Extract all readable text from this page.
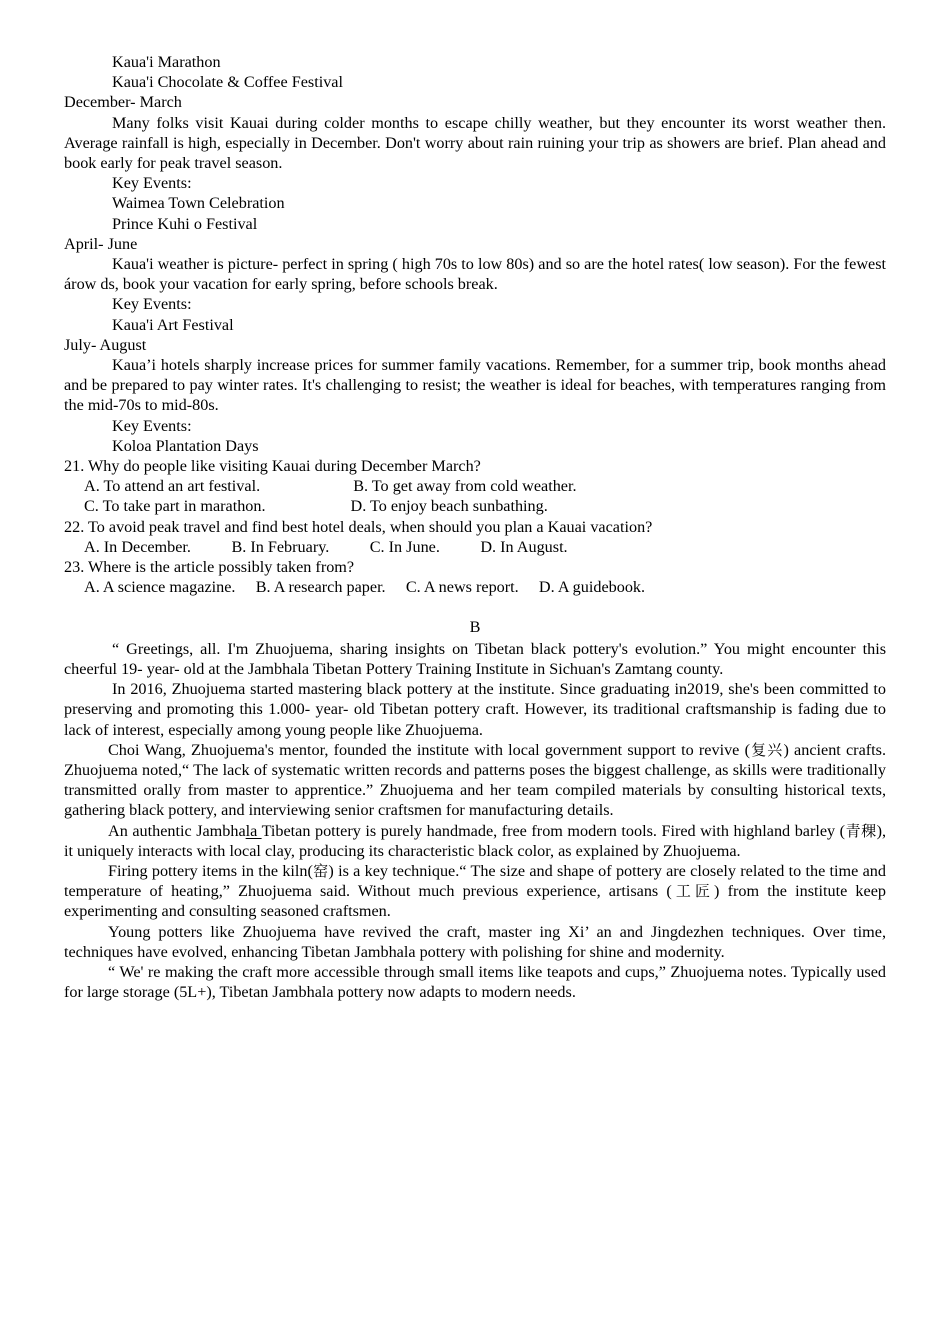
Kaua'i Marathon

Kaua'i Chocolate & Coffee Festival

December- March

Many folks visit Kauai during colder months to escape chilly weather, but they encounter its worst weather then. Average rainfall is high, especially in December. Don't worry about rain ruining your trip as showers are brief. Plan ahead and book early for peak travel season.

Key Events:

Waimea Town Celebration

Prince Kuhi o Festival

April- June

Kaua'i weather is picture- perfect in spring ( high 70s to low 80s) and so are the hotel rates( low season). For the fewest árow ds, book your vacation for early spring, before schools break.

Key Events:

Kaua'i Art Festival

July- August

Kaua’i hotels sharply increase prices for summer family vacations. Remember, for a summer trip, book months ahead and be prepared to pay winter rates. It's challenging to resist; the weather is ideal for beaches, with temperatures ranging from the mid-70s to mid-80s.

Key Events:

Koloa Plantation Days

21. Why do people like visiting Kauai during December March?

A. To attend an art festival.                       B. To get away from cold weather.

C. To take part in marathon.                     D. To enjoy beach sunbathing.

22. To avoid peak travel and find best hotel deals, when should you plan a Kauai vacation?

A. In December.          B. In February.          C. In June.          D. In August.

23. Where is the article possibly taken from?

A. A science magazine.     B. A research paper.     C. A news report.     D. A guidebook.

B

“ Greetings, all. I'm Zhuojuema, sharing insights on Tibetan black pottery's evolution.” You might encounter this cheerful 19- year- old at the Jambhala Tibetan Pottery Training Institute in Sichuan's Zamtang county.

In 2016, Zhuojuema started mastering black pottery at the institute. Since graduating in2019, she's been committed to preserving and promoting this 1.000- year- old Tibetan pottery craft. However, its traditional craftsmanship is fading due to lack of interest, especially among young people like Zhuojuema.

Choi Wang, Zhuojuema's mentor, founded the institute with local government support to revive (复兴) ancient crafts. Zhuojuema noted,“ The lack of systematic written records and patterns poses the biggest challenge, as skills were traditionally transmitted orally from master to apprentice.” Zhuojuema and her team compiled materials by consulting historical texts, gathering black pottery, and interviewing senior craftsmen for manufacturing details.

An authentic Jambhala Tibetan pottery is purely handmade, free from modern tools. Fired with highland barley (青稞), it uniquely interacts with local clay, producing its characteristic black color, as explained by Zhuojuema.

Firing pottery items in the kiln(窑) is a key technique.“ The size and shape of pottery are closely related to the time and temperature of heating,” Zhuojuema said. Without much previous experience, artisans (工匠) from the institute keep experimenting and consulting seasoned craftsmen.

Young potters like Zhuojuema have revived the craft, master ing Xi’ an and Jingdezhen techniques. Over time, techniques have evolved, enhancing Tibetan Jambhala pottery with polishing for shine and modernity.

“ We' re making the craft more accessible through small items like teapots and cups,” Zhuojuema notes. Typically used for large storage (5L+), Tibetan Jambhala pottery now adapts to modern needs.
